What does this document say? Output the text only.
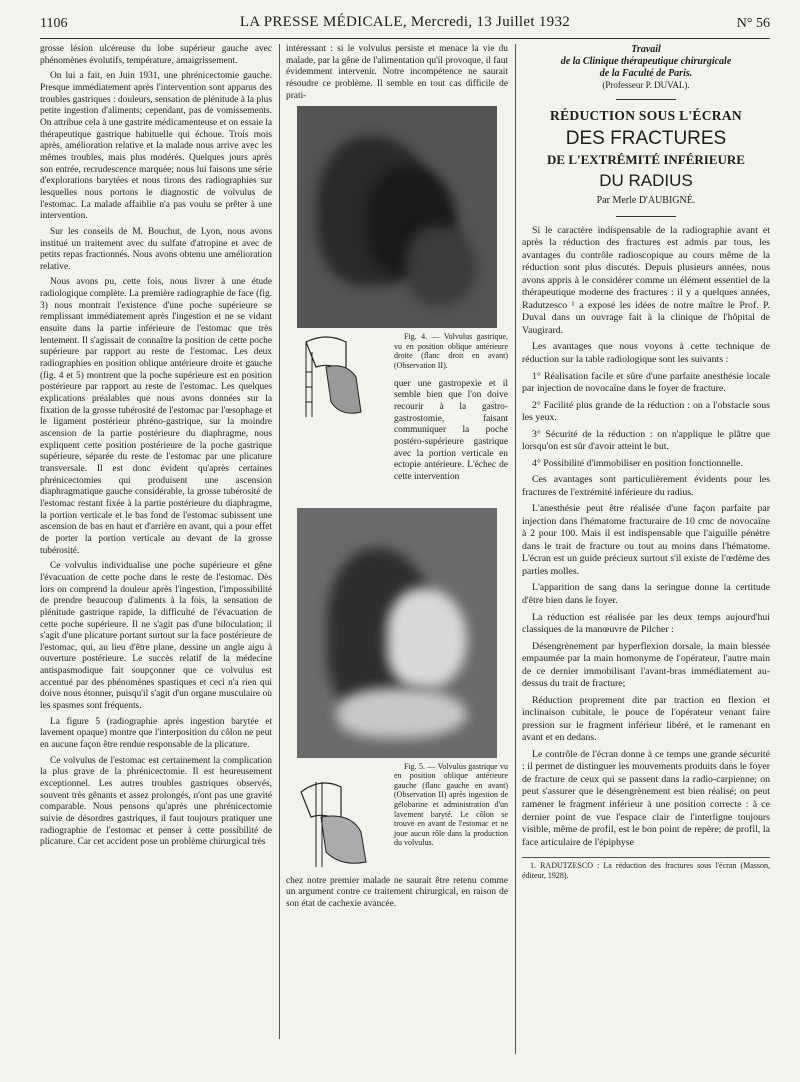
1106	LA PRESSE MÉDICALE, Mercredi, 13 Juillet 1932	N° 56

grosse lésion ulcéreuse du lobe supérieur gauche avec phénomènes évolutifs, température, amaigrissement.

On lui a fait, en Juin 1931, une phrénicectomie gauche. Presque immédiatement après l'intervention sont apparus des troubles gastriques : douleurs, sensation de plénitude à la plus petite ingestion d'aliments; cependant, pas de vomissements. On attribue cela à une gastrite médicamenteuse et on essaie la thérapeutique gastrique habituelle qui échoue. Trois mois après, amélioration relative et la malade nous arrive avec les mêmes troubles, mais plus modérés. Quelques jours après son entrée, recrudescence marquée; nous lui faisons une série d'explorations barytées et nous tirons des radiographies sur lesquelles nous portons le diagnostic de volvulus de l'estomac. La malade affaiblie n'a pas voulu se prêter à une intervention.

Sur les conseils de M. Bouchut, de Lyon, nous avons institué un traitement avec du sulfate d'atropine et avec de petits repas fractionnés. Nous avons obtenu une amélioration relative.

Nous avons pu, cette fois, nous livrer à une étude radiologique complète. La première radiographie de face (fig. 3) nous montrait l'existence d'une poche supérieure se remplissant immédiatement après l'ingestion et ne se vidant ensuite dans la partie inférieure de l'estomac que très lentement. Il s'agissait de connaître la position de cette poche supérieure par rapport au reste de l'estomac. Les deux radiographies en position oblique antérieure droite et gauche (fig. 4 et 5) montrent que la poche supérieure est en position postérieure par rapport au reste de l'estomac. Les quelques explications préalables que nous avons données sur la fixation de la grosse tubérosité de l'estomac par l'œsophage et le ligament postérieur phréno-gastrique, sur la moindre ascension de la partie postérieure du diaphragme, nous expliquent cette position postérieure de la poche gastrique supérieure, séparée du reste de l'estomac par une plicature transversale. Il est donc évident qu'après certaines phrénicectomies qui produisent une ascension diaphragmatique gauche considérable, la grosse tubérosité de l'estomac restant fixée à la partie postérieure du diaphragme, la portion verticale et le bas fond de l'estomac subissent une ascension de bas en haut et d'arrière en avant, qui a pour effet de porter la portion verticale au devant de la grosse tubérosité.

Ce volvulus individualise une poche supérieure et gêne l'évacuation de cette poche dans le reste de l'estomac. Dès lors on comprend la douleur après l'ingestion, l'impossibilité de prendre beaucoup d'aliments à la fois, la sensation de plénitude gastrique rapide, la difficulté de l'évacuation de cette poche supérieure. Il ne s'agit pas d'une biloculation; il s'agit d'une plicature portant surtout sur la face postérieure de l'estomac, qui, au lieu d'être plane, dessine un angle aigu à ouverture postérieure. Le succès relatif de la médecine antispasmodique fait soupçonner que ce volvulus est accentué par des phénomènes spastiques et ceci n'a rien qui doive nous étonner, puisqu'il s'agit d'un organe musculaire où les spasmes sont fréquents.

La figure 5 (radiographie après ingestion barytée et lavement opaque) montre que l'interposition du côlon ne peut en aucune façon être rendue responsable de la plicature.

Ce volvulus de l'estomac est certainement la complication la plus grave de la phrénicectomie. Il est heureusement exceptionnel. Les autres troubles gastriques observés, souvent très gênants et assez prolongés, n'ont pas une gravité comparable. Nous pensons qu'après une phrénicectomie suivie de désordres gastriques, il faut toujours pratiquer une radiographie de l'estomac et penser à cette possibilité de plicature. Car cet accident pose un problème chirurgical très

intéressant : si le volvulus persiste et menace la vie du malade, par la gêne de l'alimentation qu'il provoque, il faut évidemment intervenir. Notre incompétence ne saurait résoudre ce problème. Il semble en tout cas difficile de prati-

Fig. 4. — Volvulus gastrique, vu en position oblique antérieure droite (flanc droit en avant) (Observation II).

quer une gastropexie et il semble bien que l'on doive recourir à la gastro-gastrostomie, faisant communiquer la poche postéro-supérieure gastrique avec la portion verticale en ectopie antérieure. L'échec de cette intervention

Fig. 5. — Volvulus gastrique vu en position oblique antérieure gauche (flanc gauche en avant) (Observation II) après ingestion de gélobarine et administration d'un lavement baryté. Le côlon se trouve en avant de l'estomac et ne joue aucun rôle dans la production du volvulus.

chez notre premier malade ne saurait être retenu comme un argument contre ce traitement chirurgical, en raison de son état de cachexie avancée.

Travail
de la Clinique thérapeutique chirurgicale
de la Faculté de Paris.
(Professeur P. DUVAL).
RÉDUCTION SOUS L'ÉCRAN
DES FRACTURES
DE L'EXTRÉMITÉ INFÉRIEURE
DU RADIUS
Par Merle D'AUBIGNÉ.

Si le caractère indispensable de la radiographie avant et après la réduction des fractures est admis par tous, les avantages du contrôle radioscopique au cours même de la réduction sont plus discutés. Depuis plusieurs années, nous avons appris à le considérer comme un élément essentiel de la thérapeutique moderne des fractures : il y a quelques années, Radutzesco ¹ a exposé les idées de notre maître le Prof. P. Duval dans un ouvrage fait à la clinique de l'hôpital de Vaugirard.

Les avantages que nous voyons à cette technique de réduction sur la table radiologique sont les suivants :

1° Réalisation facile et sûre d'une parfaite anesthésie locale par injection de novocaïne dans le foyer de fracture.

2° Facilité plus grande de la réduction : on a l'obstacle sous les yeux.

3° Sécurité de la réduction : on n'applique le plâtre que lorsqu'on est sûr d'avoir atteint le but.

4° Possibilité d'immobiliser en position fonctionnelle.

Ces avantages sont particulièrement évidents pour les fractures de l'extrémité inférieure du radius.

L'anesthésie peut être réalisée d'une façon parfaite par injection dans l'hématome fracturaire de 10 cmc de novocaïne à 2 pour 100. Mais il est indispensable que l'aiguille pénètre dans le trait de fracture ou tout au moins dans l'hématome. L'écran est un guide précieux surtout s'il existe de l'œdème des parties molles.

L'apparition de sang dans la seringue donne la certitude d'être bien dans le foyer.

La réduction est réalisée par les deux temps aujourd'hui classiques de la manœuvre de Pilcher :

Désengrènement par hyperflexion dorsale, la main blessée empaumée par la main homonyme de l'opérateur, l'autre main de ce dernier immobilisant l'avant-bras immédiatement au-dessus du trait de fracture;

Réduction proprement dite par traction en flexion et inclinaison cubitale, le pouce de l'opérateur venant faire pression sur le fragment inférieur libéré, et le ramenant en avant et en dedans.

Le contrôle de l'écran donne à ce temps une grande sécurité : il permet de distinguer les mouvements produits dans le foyer de fracture de ceux qui se passent dans la radio-carpienne; on peut s'assurer que le désengrènement est bien réalisé; on peut ramener le fragment inférieur à une position correcte : à ce dernier point de vue l'espace clair de l'interligne toujours visible, même de profil, est le bon point de repère; de profil, la face articulaire de l'épiphyse

1. RADUTZESCO : La réduction des fractures sous l'écran (Masson, éditeur, 1928).
